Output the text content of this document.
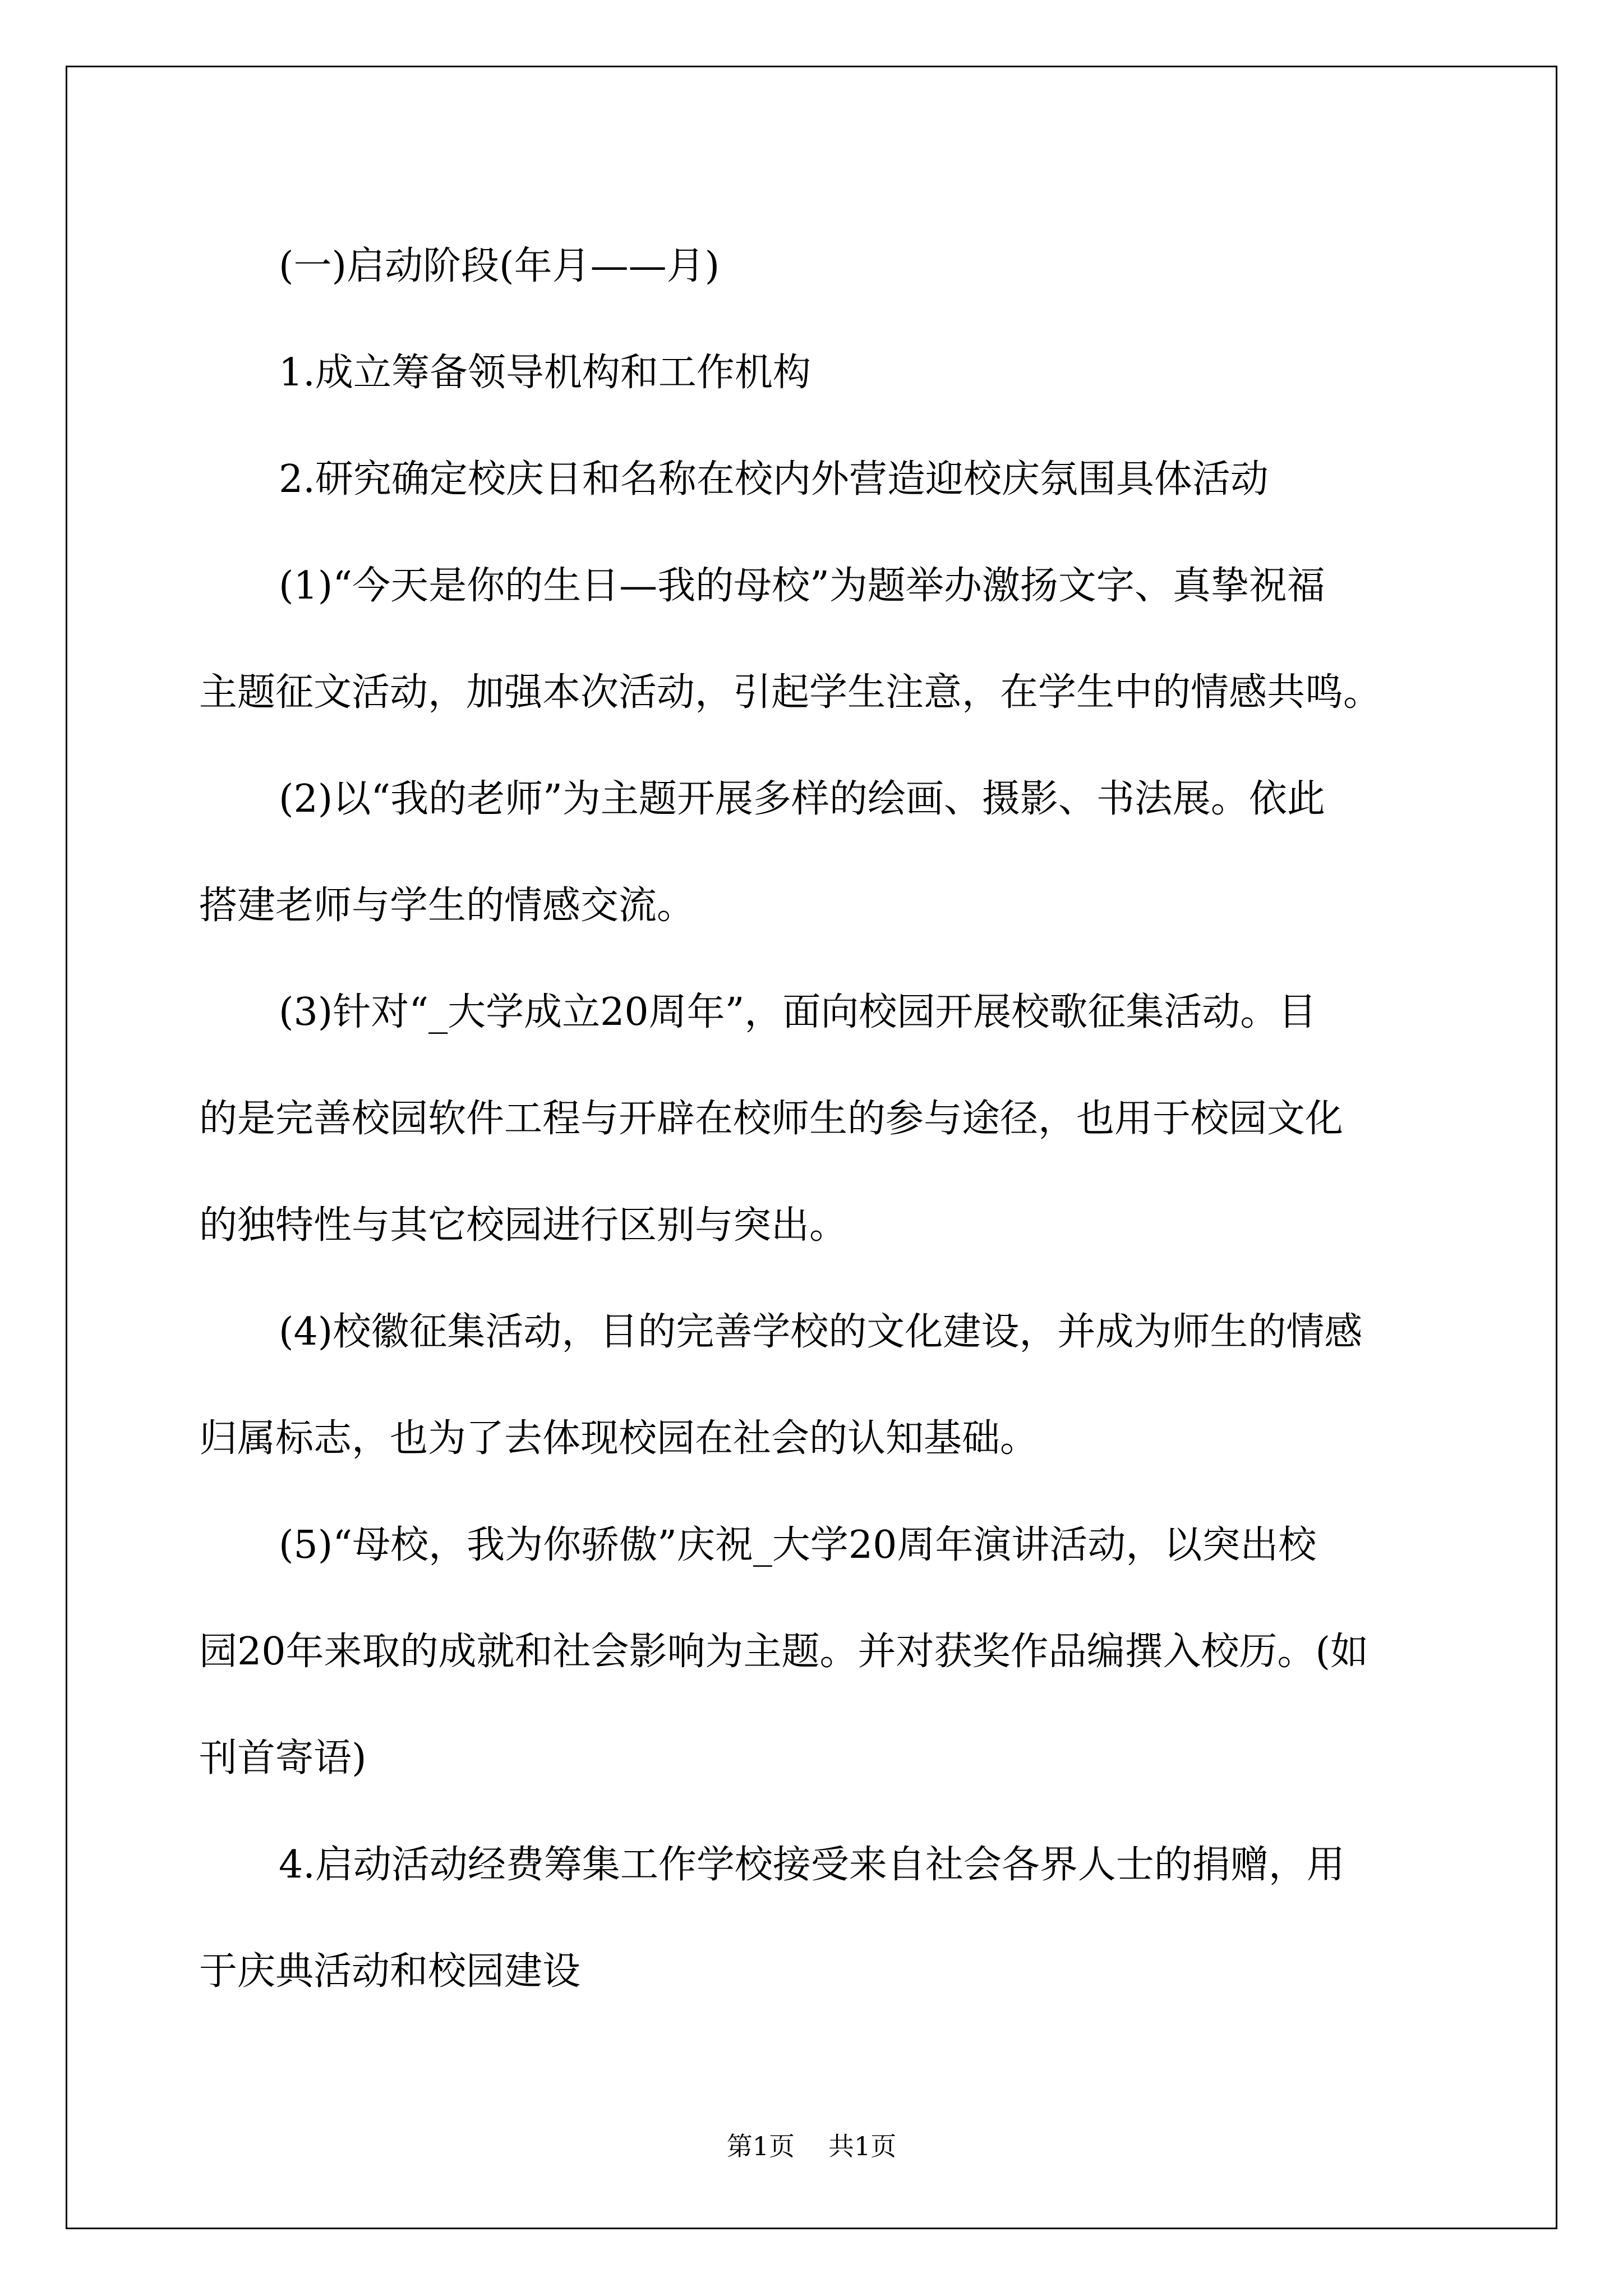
(一)启动阶段(年月——月)
1.成立筹备领导机构和工作机构
2.研究确定校庆日和名称在校内外营造迎校庆氛围具体活动
(1)“今天是你的生日—我的母校”为题举办激扬文字、真挚祝福
主题征文活动，加强本次活动，引起学生注意，在学生中的情感共鸣。
(2)以“我的老师”为主题开展多样的绘画、摄影、书法展。依此
搭建老师与学生的情感交流。
(3)针对“_大学成立20周年”，面向校园开展校歌征集活动。目
的是完善校园软件工程与开辟在校师生的参与途径，也用于校园文化
的独特性与其它校园进行区别与突出。
(4)校徽征集活动，目的完善学校的文化建设，并成为师生的情感
归属标志，也为了去体现校园在社会的认知基础。
(5)“母校，我为你骄傲”庆祝_大学20周年演讲活动，以突出校
园20年来取的成就和社会影响为主题。并对获奖作品编撰入校历。(如
刊首寄语)
4.启动活动经费筹集工作学校接受来自社会各界人士的捐赠，用
于庆典活动和校园建设
第1页 共1页
